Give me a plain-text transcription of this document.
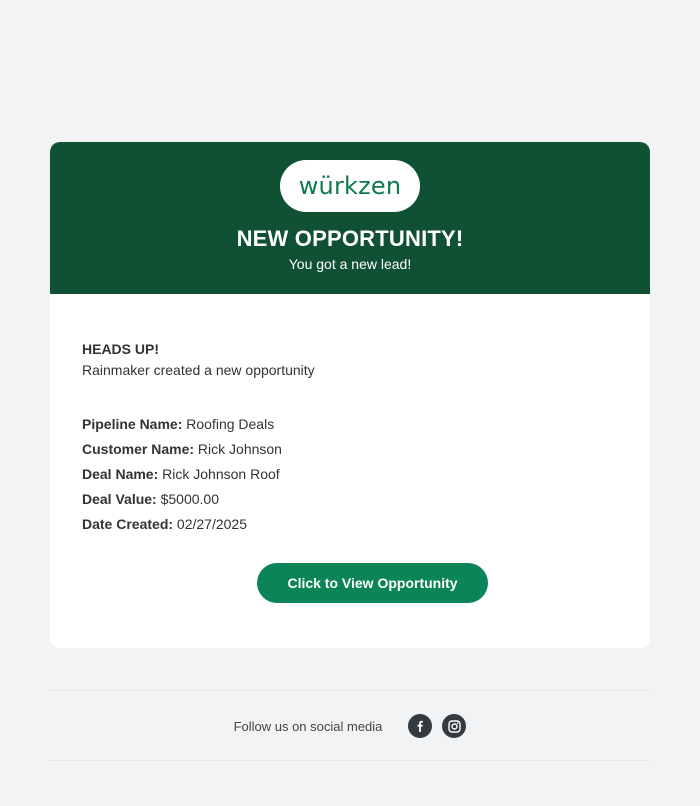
würkzen
NEW OPPORTUNITY!
You got a new lead!
HEADS UP!
Rainmaker created a new opportunity
Pipeline Name: Roofing Deals
Customer Name: Rick Johnson
Deal Name: Rick Johnson Roof
Deal Value: $5000.00
Date Created: 02/27/2025
Click to View Opportunity
Follow us on social media
